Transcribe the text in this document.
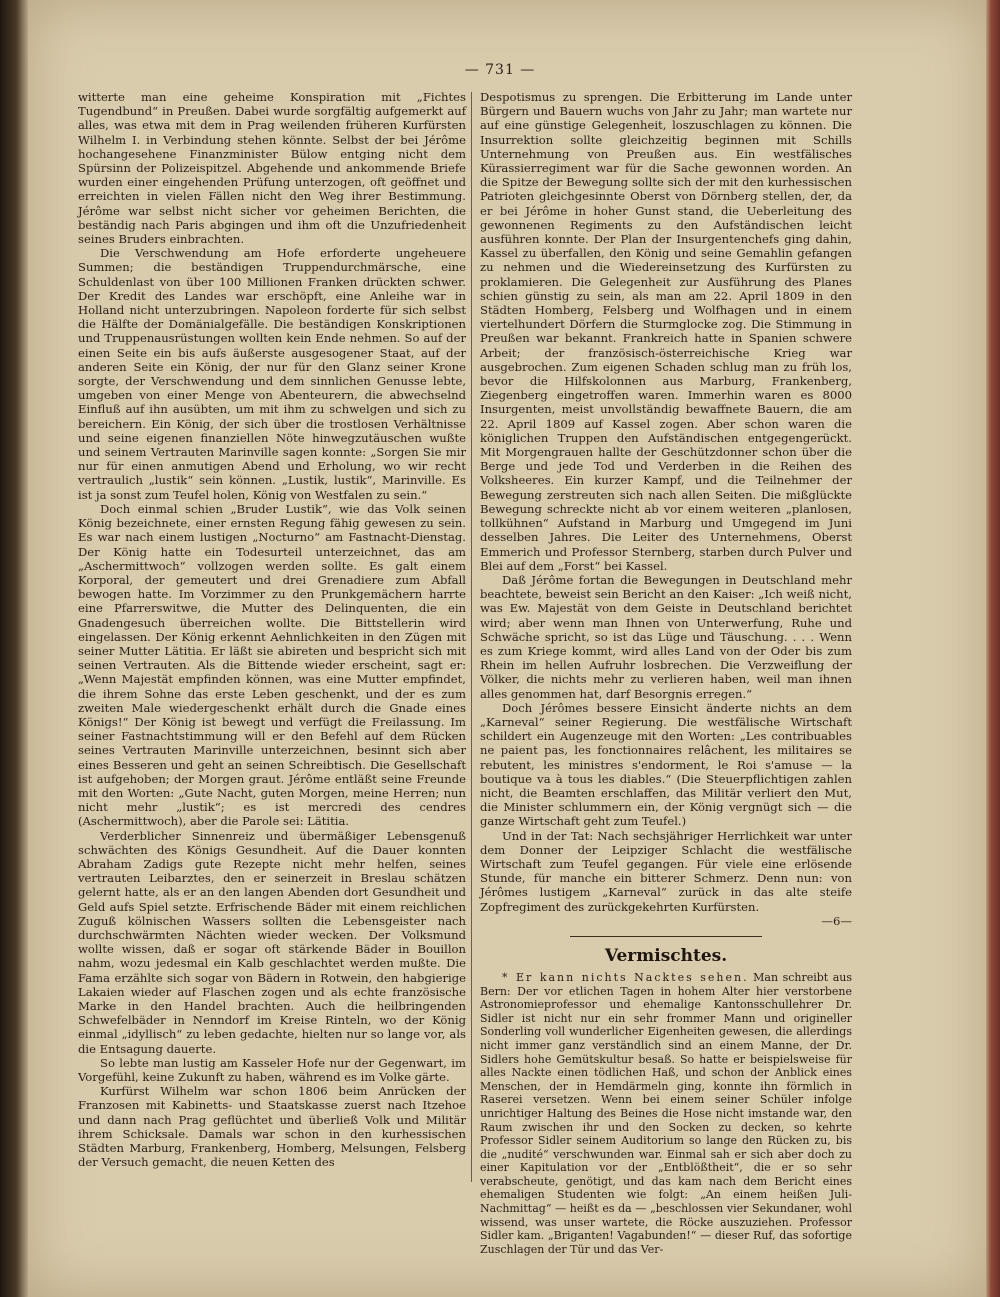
— 731 —

witterte man eine geheime Konspiration mit „Fichtes Tugendbund“ in Preußen. Dabei wurde sorgfältig aufgemerkt auf alles, was etwa mit dem in Prag weilenden früheren Kurfürsten Wilhelm I. in Verbindung stehen könnte. Selbst der bei Jérôme hochangesehene Finanzminister Bülow entging nicht dem Spürsinn der Polizeispitzel. Abgehende und ankommende Briefe wurden einer eingehenden Prüfung unterzogen, oft geöffnet und erreichten in vielen Fällen nicht den Weg ihrer Bestimmung. Jérôme war selbst nicht sicher vor geheimen Berichten, die beständig nach Paris abgingen und ihm oft die Unzufriedenheit seines Bruders einbrachten.

Die Verschwendung am Hofe erforderte ungeheuere Summen; die beständigen Truppendurchmärsche, eine Schuldenlast von über 100 Millionen Franken drückten schwer. Der Kredit des Landes war erschöpft, eine Anleihe war in Holland nicht unterzubringen. Napoleon forderte für sich selbst die Hälfte der Domänialgefälle. Die beständigen Konskriptionen und Truppenausrüstungen wollten kein Ende nehmen. So auf der einen Seite ein bis aufs äußerste ausgesogener Staat, auf der anderen Seite ein König, der nur für den Glanz seiner Krone sorgte, der Verschwendung und dem sinnlichen Genusse lebte, umgeben von einer Menge von Abenteurern, die abwechselnd Einfluß auf ihn ausübten, um mit ihm zu schwelgen und sich zu bereichern. Ein König, der sich über die trostlosen Verhältnisse und seine eigenen finanziellen Nöte hinwegzutäuschen wußte und seinem Vertrauten Marinville sagen konnte: „Sorgen Sie mir nur für einen anmutigen Abend und Erholung, wo wir recht vertraulich „lustik“ sein können. „Lustik, lustik“, Marinville. Es ist ja sonst zum Teufel holen, König von Westfalen zu sein.“

Doch einmal schien „Bruder Lustik“, wie das Volk seinen König bezeichnete, einer ernsten Regung fähig gewesen zu sein. Es war nach einem lustigen „Nocturno“ am Fastnacht-Dienstag. Der König hatte ein Todesurteil unterzeichnet, das am „Aschermittwoch“ vollzogen werden sollte. Es galt einem Korporal, der gemeutert und drei Grenadiere zum Abfall bewogen hatte. Im Vorzimmer zu den Prunkgemächern harrte eine Pfarrerswitwe, die Mutter des Delinquenten, die ein Gnadengesuch überreichen wollte. Die Bittstellerin wird eingelassen. Der König erkennt Aehnlichkeiten in den Zügen mit seiner Mutter Lätitia. Er läßt sie abireten und bespricht sich mit seinen Vertrauten. Als die Bittende wieder erscheint, sagt er: „Wenn Majestät empfinden können, was eine Mutter empfindet, die ihrem Sohne das erste Leben geschenkt, und der es zum zweiten Male wiedergeschenkt erhält durch die Gnade eines Königs!“ Der König ist bewegt und verfügt die Freilassung. Im seiner Fastnachtstimmung will er den Befehl auf dem Rücken seines Vertrauten Marinville unterzeichnen, besinnt sich aber eines Besseren und geht an seinen Schreibtisch. Die Gesellschaft ist aufgehoben; der Morgen graut. Jérôme entläßt seine Freunde mit den Worten: „Gute Nacht, guten Morgen, meine Herren; nun nicht mehr „lustik“; es ist mercredi des cendres (Aschermittwoch), aber die Parole sei: Lätitia.

Verderblicher Sinnenreiz und übermäßiger Lebensgenuß schwächten des Königs Gesundheit. Auf die Dauer konnten Abraham Zadigs gute Rezepte nicht mehr helfen, seines vertrauten Leibarztes, den er seinerzeit in Breslau schätzen gelernt hatte, als er an den langen Abenden dort Gesundheit und Geld aufs Spiel setzte. Erfrischende Bäder mit einem reichlichen Zuguß kölnischen Wassers sollten die Lebensgeister nach durchschwärmten Nächten wieder wecken. Der Volksmund wollte wissen, daß er sogar oft stärkende Bäder in Bouillon nahm, wozu jedesmal ein Kalb geschlachtet werden mußte. Die Fama erzählte sich sogar von Bädern in Rotwein, den habgierige Lakaien wieder auf Flaschen zogen und als echte französische Marke in den Handel brachten. Auch die heilbringenden Schwefelbäder in Nenndorf im Kreise Rinteln, wo der König einmal „idyllisch“ zu leben gedachte, hielten nur so lange vor, als die Entsagung dauerte.

So lebte man lustig am Kasseler Hofe nur der Gegenwart, im Vorgefühl, keine Zukunft zu haben, während es im Volke gärte.

Kurfürst Wilhelm war schon 1806 beim Anrücken der Franzosen mit Kabinetts- und Staatskasse zuerst nach Itzehoe und dann nach Prag geflüchtet und überließ Volk und Militär ihrem Schicksale. Damals war schon in den kurhessischen Städten Marburg, Frankenberg, Homberg, Melsungen, Felsberg der Versuch gemacht, die neuen Ketten des

Despotismus zu sprengen. Die Erbitterung im Lande unter Bürgern und Bauern wuchs von Jahr zu Jahr; man wartete nur auf eine günstige Gelegenheit, loszuschlagen zu können. Die Insurrektion sollte gleichzeitig beginnen mit Schills Unternehmung von Preußen aus. Ein westfälisches Kürassierregiment war für die Sache gewonnen worden. An die Spitze der Bewegung sollte sich der mit den kurhessischen Patrioten gleichgesinnte Oberst von Dörnberg stellen, der, da er bei Jérôme in hoher Gunst stand, die Ueberleitung des gewonnenen Regiments zu den Aufständischen leicht ausführen konnte. Der Plan der Insurgentenchefs ging dahin, Kassel zu überfallen, den König und seine Gemahlin gefangen zu nehmen und die Wiedereinsetzung des Kurfürsten zu proklamieren. Die Gelegenheit zur Ausführung des Planes schien günstig zu sein, als man am 22. April 1809 in den Städten Homberg, Felsberg und Wolfhagen und in einem viertelhundert Dörfern die Sturmglocke zog. Die Stimmung in Preußen war bekannt. Frankreich hatte in Spanien schwere Arbeit; der französisch-österreichische Krieg war ausgebrochen. Zum eigenen Schaden schlug man zu früh los, bevor die Hilfskolonnen aus Marburg, Frankenberg, Ziegenberg eingetroffen waren. Immerhin waren es 8000 Insurgenten, meist unvollständig bewaffnete Bauern, die am 22. April 1809 auf Kassel zogen. Aber schon waren die königlichen Truppen den Aufständischen entgegengerückt. Mit Morgengrauen hallte der Geschützdonner schon über die Berge und jede Tod und Verderben in die Reihen des Volksheeres. Ein kurzer Kampf, und die Teilnehmer der Bewegung zerstreuten sich nach allen Seiten. Die mißglückte Bewegung schreckte nicht ab vor einem weiteren „planlosen, tollkühnen“ Aufstand in Marburg und Umgegend im Juni desselben Jahres. Die Leiter des Unternehmens, Oberst Emmerich und Professor Sternberg, starben durch Pulver und Blei auf dem „Forst“ bei Kassel.

Daß Jérôme fortan die Bewegungen in Deutschland mehr beachtete, beweist sein Bericht an den Kaiser: „Ich weiß nicht, was Ew. Majestät von dem Geiste in Deutschland berichtet wird; aber wenn man Ihnen von Unterwerfung, Ruhe und Schwäche spricht, so ist das Lüge und Täuschung. . . . Wenn es zum Kriege kommt, wird alles Land von der Oder bis zum Rhein im hellen Aufruhr losbrechen. Die Verzweiflung der Völker, die nichts mehr zu verlieren haben, weil man ihnen alles genommen hat, darf Besorgnis erregen.“

Doch Jérômes bessere Einsicht änderte nichts an dem „Karneval“ seiner Regierung. Die westfälische Wirtschaft schildert ein Augenzeuge mit den Worten: „Les contribuables ne paient pas, les fonctionnaires relâchent, les militaires se rebutent, les ministres s'endorment, le Roi s'amuse — la boutique va à tous les diables.“ (Die Steuerpflichtigen zahlen nicht, die Beamten erschlaffen, das Militär verliert den Mut, die Minister schlummern ein, der König vergnügt sich — die ganze Wirtschaft geht zum Teufel.)

Und in der Tat: Nach sechsjähriger Herrlichkeit war unter dem Donner der Leipziger Schlacht die westfälische Wirtschaft zum Teufel gegangen. Für viele eine erlösende Stunde, für manche ein bitterer Schmerz. Denn nun: von Jérômes lustigem „Karneval“ zurück in das alte steife Zopfregiment des zurückgekehrten Kurfürsten.

—6—
Vermischtes.

* Er kann nichts Nacktes sehen. Man schreibt aus Bern: Der vor etlichen Tagen in hohem Alter hier verstorbene Astronomieprofessor und ehemalige Kantonsschullehrer Dr. Sidler ist nicht nur ein sehr frommer Mann und origineller Sonderling voll wunderlicher Eigenheiten gewesen, die allerdings nicht immer ganz verständlich sind an einem Manne, der Dr. Sidlers hohe Gemütskultur besaß. So hatte er beispielsweise für alles Nackte einen tödlichen Haß, und schon der Anblick eines Menschen, der in Hemdärmeln ging, konnte ihn förmlich in Raserei versetzen. Wenn bei einem seiner Schüler infolge unrichtiger Haltung des Beines die Hose nicht imstande war, den Raum zwischen ihr und den Socken zu decken, so kehrte Professor Sidler seinem Auditorium so lange den Rücken zu, bis die „nudité“ verschwunden war. Einmal sah er sich aber doch zu einer Kapitulation vor der „Entblößtheit“, die er so sehr verabscheute, genötigt, und das kam nach dem Bericht eines ehemaligen Studenten wie folgt: „An einem heißen Juli-Nachmittag“ — heißt es da — „beschlossen vier Sekundaner, wohl wissend, was unser wartete, die Röcke auszuziehen. Professor Sidler kam. „Briganten! Vagabunden!“ — dieser Ruf, das sofortige Zuschlagen der Tür und das Ver-
